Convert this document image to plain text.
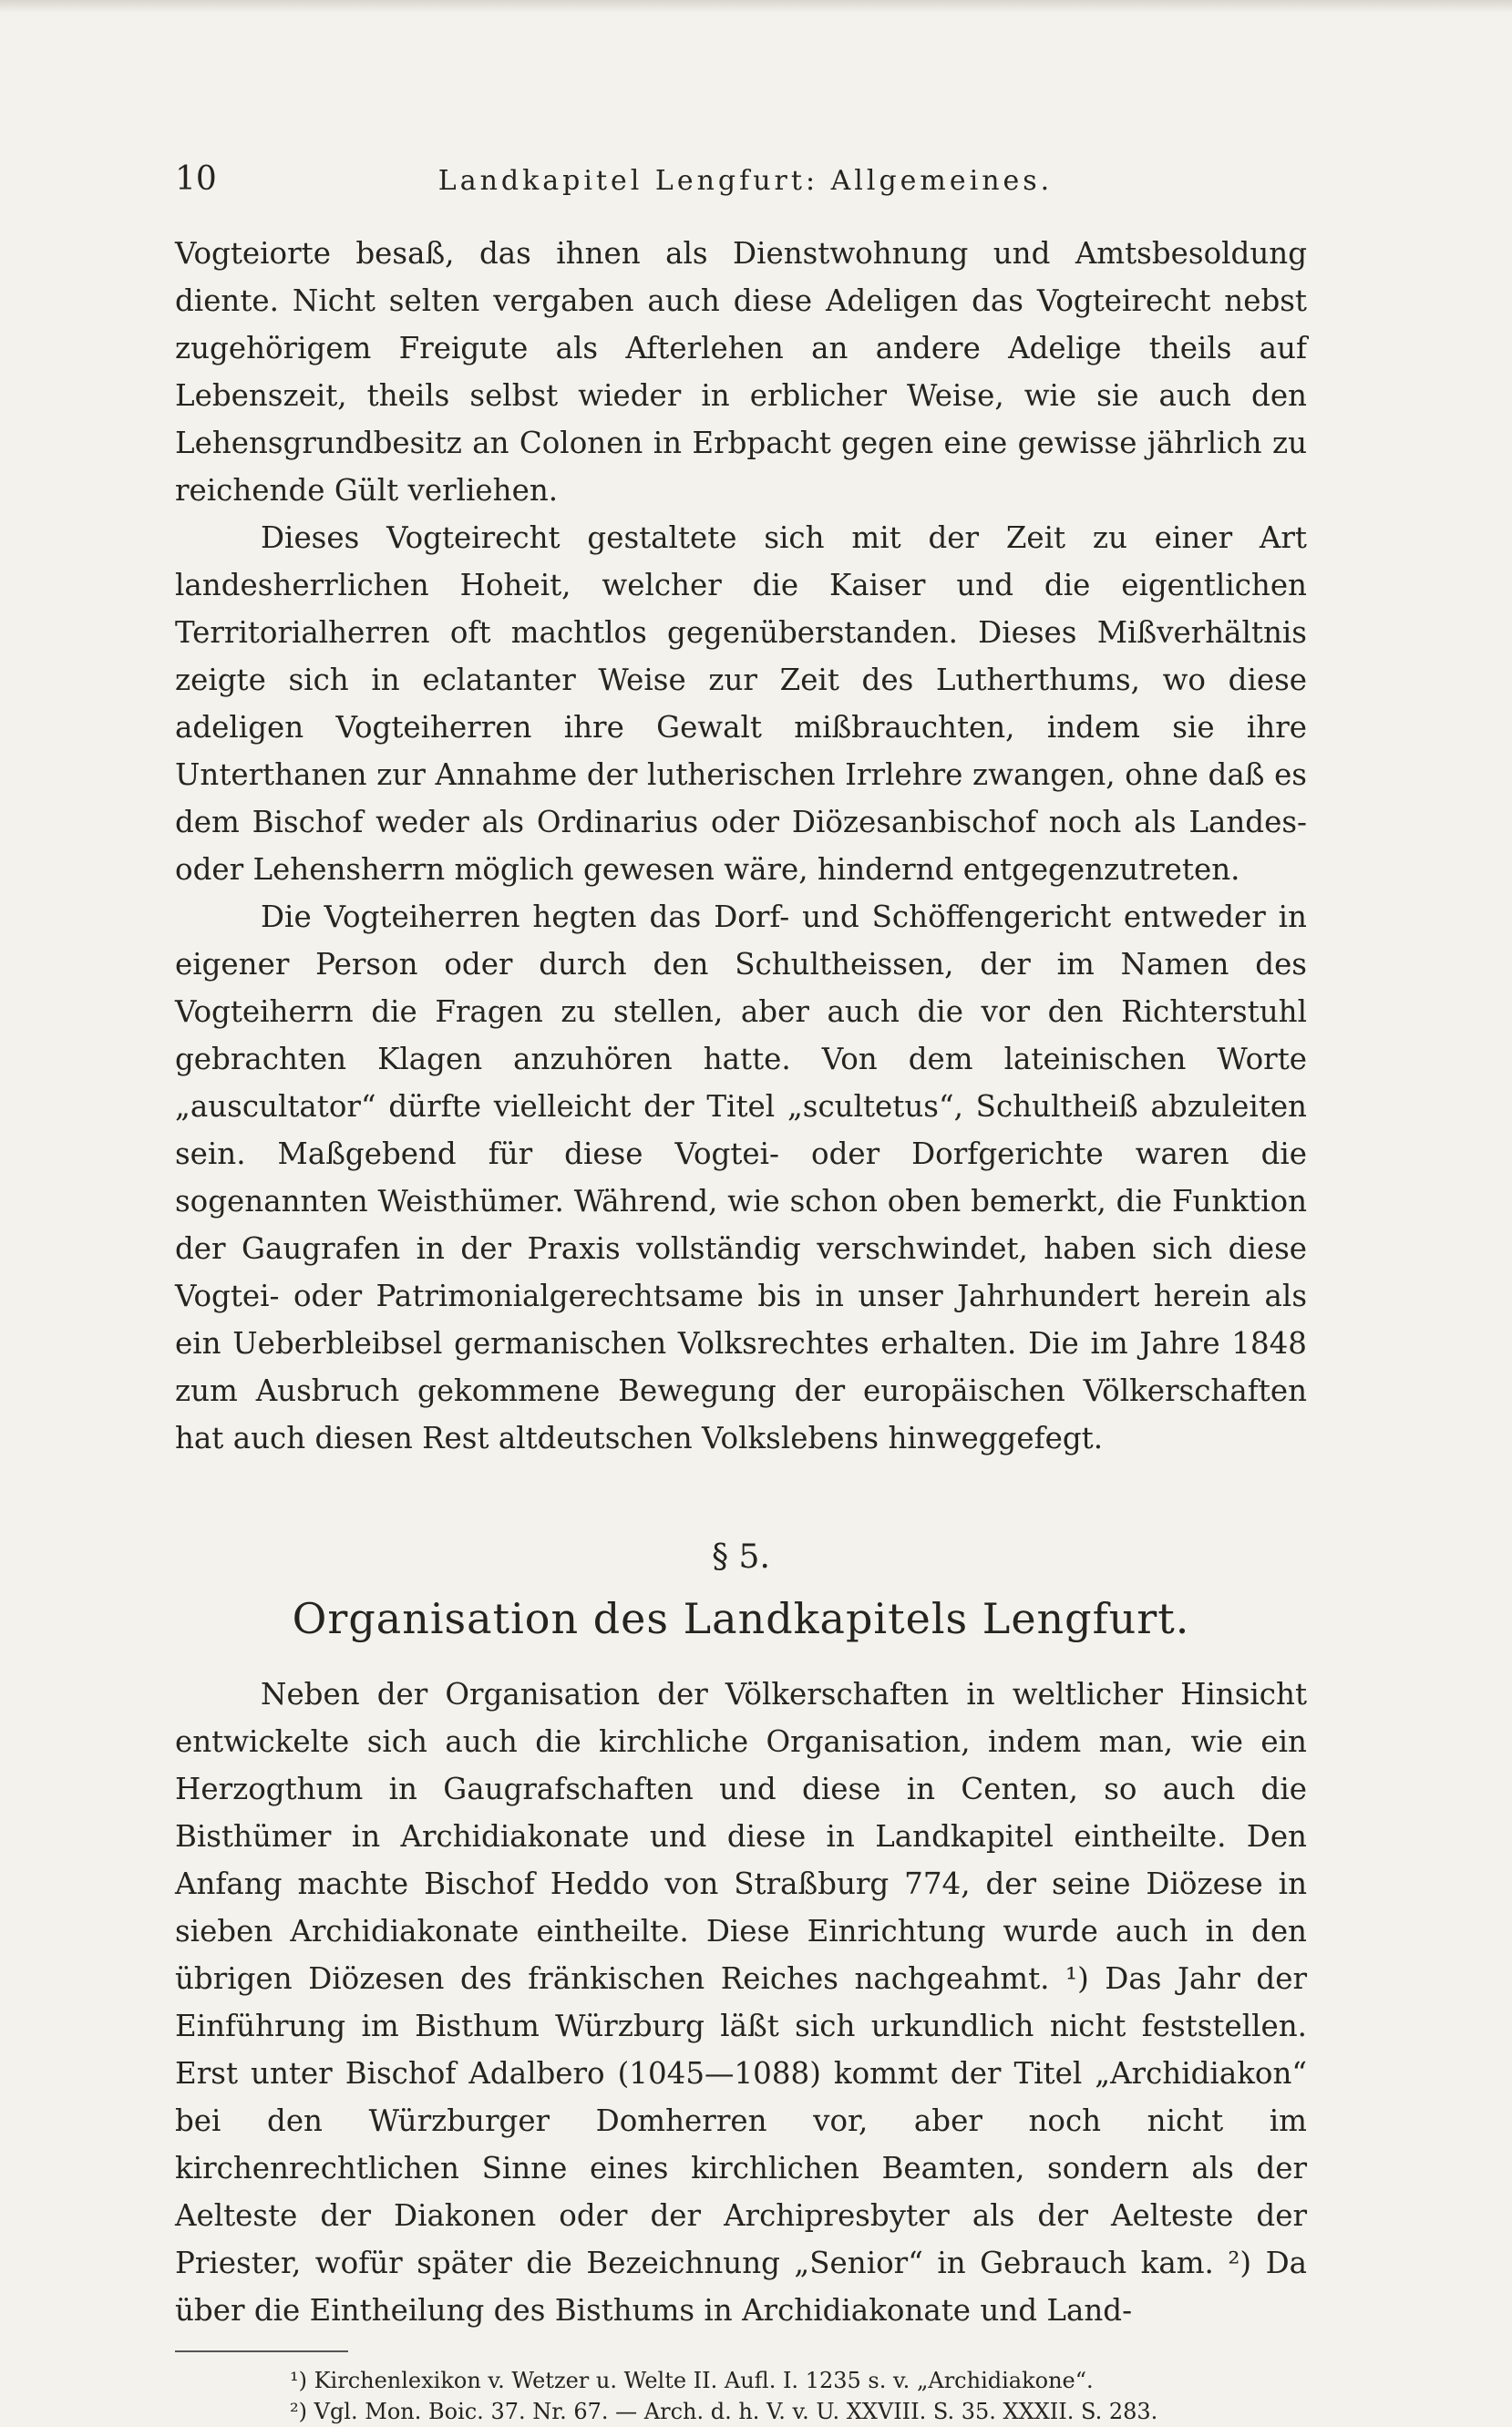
10	Landkapitel Lengfurt: Allgemeines.

Vogteiorte besaß, das ihnen als Dienstwohnung und Amtsbesoldung diente. Nicht selten vergaben auch diese Adeligen das Vogteirecht nebst zugehörigem Freigute als Afterlehen an andere Adelige theils auf Lebenszeit, theils selbst wieder in erblicher Weise, wie sie auch den Lehensgrundbesitz an Colonen in Erbpacht gegen eine gewisse jährlich zu reichende Gült verliehen.

Dieses Vogteirecht gestaltete sich mit der Zeit zu einer Art landesherrlichen Hoheit, welcher die Kaiser und die eigentlichen Territorialherren oft machtlos gegenüberstanden. Dieses Mißverhältnis zeigte sich in eclatanter Weise zur Zeit des Lutherthums, wo diese adeligen Vogteiherren ihre Gewalt mißbrauchten, indem sie ihre Unterthanen zur Annahme der lutherischen Irrlehre zwangen, ohne daß es dem Bischof weder als Ordinarius oder Diözesanbischof noch als Landes- oder Lehensherrn möglich gewesen wäre, hindernd entgegenzutreten.

Die Vogteiherren hegten das Dorf- und Schöffengericht entweder in eigener Person oder durch den Schultheissen, der im Namen des Vogteiherrn die Fragen zu stellen, aber auch die vor den Richterstuhl gebrachten Klagen anzuhören hatte. Von dem lateinischen Worte „auscultator“ dürfte vielleicht der Titel „scultetus“, Schultheiß abzuleiten sein. Maßgebend für diese Vogtei- oder Dorfgerichte waren die sogenannten Weisthümer. Während, wie schon oben bemerkt, die Funktion der Gaugrafen in der Praxis vollständig verschwindet, haben sich diese Vogtei- oder Patrimonialgerechtsame bis in unser Jahrhundert herein als ein Ueberbleibsel germanischen Volksrechtes erhalten. Die im Jahre 1848 zum Ausbruch gekommene Bewegung der europäischen Völkerschaften hat auch diesen Rest altdeutschen Volkslebens hinweggefegt.

§ 5.
Organisation des Landkapitels Lengfurt.

Neben der Organisation der Völkerschaften in weltlicher Hinsicht entwickelte sich auch die kirchliche Organisation, indem man, wie ein Herzogthum in Gaugrafschaften und diese in Centen, so auch die Bisthümer in Archidiakonate und diese in Landkapitel eintheilte. Den Anfang machte Bischof Heddo von Straßburg 774, der seine Diözese in sieben Archidiakonate eintheilte. Diese Einrichtung wurde auch in den übrigen Diözesen des fränkischen Reiches nachgeahmt. ¹) Das Jahr der Einführung im Bisthum Würzburg läßt sich urkundlich nicht feststellen. Erst unter Bischof Adalbero (1045—1088) kommt der Titel „Archidiakon“ bei den Würzburger Domherren vor, aber noch nicht im kirchenrechtlichen Sinne eines kirchlichen Beamten, sondern als der Aelteste der Diakonen oder der Archipresbyter als der Aelteste der Priester, wofür später die Bezeichnung „Senior“ in Gebrauch kam. ²) Da über die Eintheilung des Bisthums in Archidiakonate und Land-

¹) Kirchenlexikon v. Wetzer u. Welte II. Aufl. I. 1235 s. v. „Archidiakone“.
²) Vgl. Mon. Boic. 37. Nr. 67. — Arch. d. h. V. v. U. XXVIII. S. 35. XXXII. S. 283.
